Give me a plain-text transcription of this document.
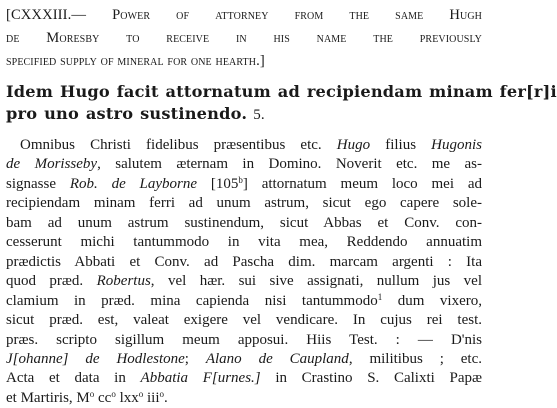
[CXXXIII.— Power of attorney from the same Hugh
de Moresby to receive in his name the previously
specified supply of mineral for one hearth.]
Idem Hugo facit attornatum ad recipiendam minam fer[r]i
pro uno astro sustinendo. 5.
Omnibus Christi fidelibus præsentibus etc. Hugo filius Hugonis
de Morisseby, salutem æternam in Domino. Noverit etc. me as-
signasse Rob. de Layborne [105$^b$] attornatum meum loco mei ad
recipiendam minam ferri ad unum astrum, sicut ego capere sole-
bam ad unum astrum sustinendum, sicut Abbas et Conv. con-
cesserunt michi tantummodo in vita mea, Reddendo annuatim
prædictis Abbati et Conv. ad Pascha dim. marcam argenti : Ita
quod præd. Robertus, vel hær. sui sive assignati, nullum jus vel
clamium in præd. mina capienda nisi tantummodo$^1$ dum vixero,
sicut præd. est, valeat exigere vel vendicare. In cujus rei test.
præs. scripto sigillum meum apposui. Hiis Test. : — D'nis
J[ohanne] de Hodlestone; Alano de Caupland, militibus ; etc.
Acta et data in Abbatia F[urnes.] in Crastino S. Calixti Papæ
et Martiris, $M^o$ $cc^o$ lxx$^o$ iii$^o$.
